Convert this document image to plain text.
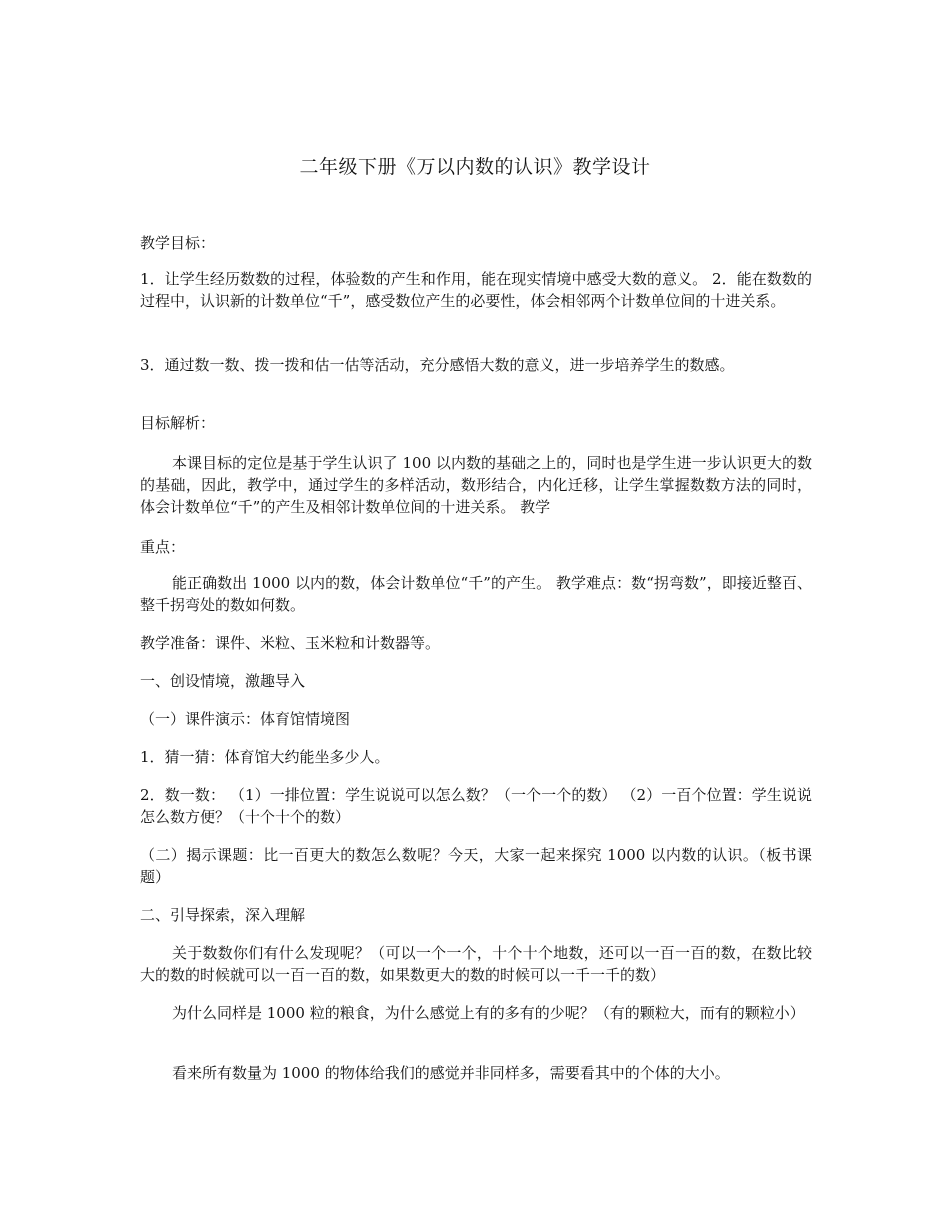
二年级下册《万以内数的认识》教学设计
教学目标：
1．让学生经历数数的过程，体验数的产生和作用，能在现实情境中感受大数的意义。 2．能在数数的过程中，认识新的计数单位“千”，感受数位产生的必要性，体会相邻两个计数单位间的十进关系。
3．通过数一数、拨一拨和估一估等活动，充分感悟大数的意义，进一步培养学生的数感。
目标解析：
本课目标的定位是基于学生认识了 100 以内数的基础之上的，同时也是学生进一步认识更大的数的基础，因此，教学中，通过学生的多样活动，数形结合，内化迁移，让学生掌握数数方法的同时，体会计数单位“千”的产生及相邻计数单位间的十进关系。 教学
重点：
能正确数出 1000 以内的数，体会计数单位“千”的产生。 教学难点：数“拐弯数”，即接近整百、整千拐弯处的数如何数。
教学准备：课件、米粒、玉米粒和计数器等。
一、创设情境，激趣导入
（一）课件演示：体育馆情境图
1．猜一猜：体育馆大约能坐多少人。
2．数一数： （1）一排位置：学生说说可以怎么数？（一个一个的数） （2）一百个位置：学生说说怎么数方便？（十个十个的数）
（二）揭示课题：比一百更大的数怎么数呢？今天，大家一起来探究 1000 以内数的认识。（板书课题）
二、引导探索，深入理解
关于数数你们有什么发现呢？（可以一个一个，十个十个地数，还可以一百一百的数，在数比较大的数的时候就可以一百一百的数，如果数更大的数的时候可以一千一千的数）
为什么同样是 1000 粒的粮食，为什么感觉上有的多有的少呢？（有的颗粒大，而有的颗粒小）
看来所有数量为 1000 的物体给我们的感觉并非同样多，需要看其中的个体的大小。
